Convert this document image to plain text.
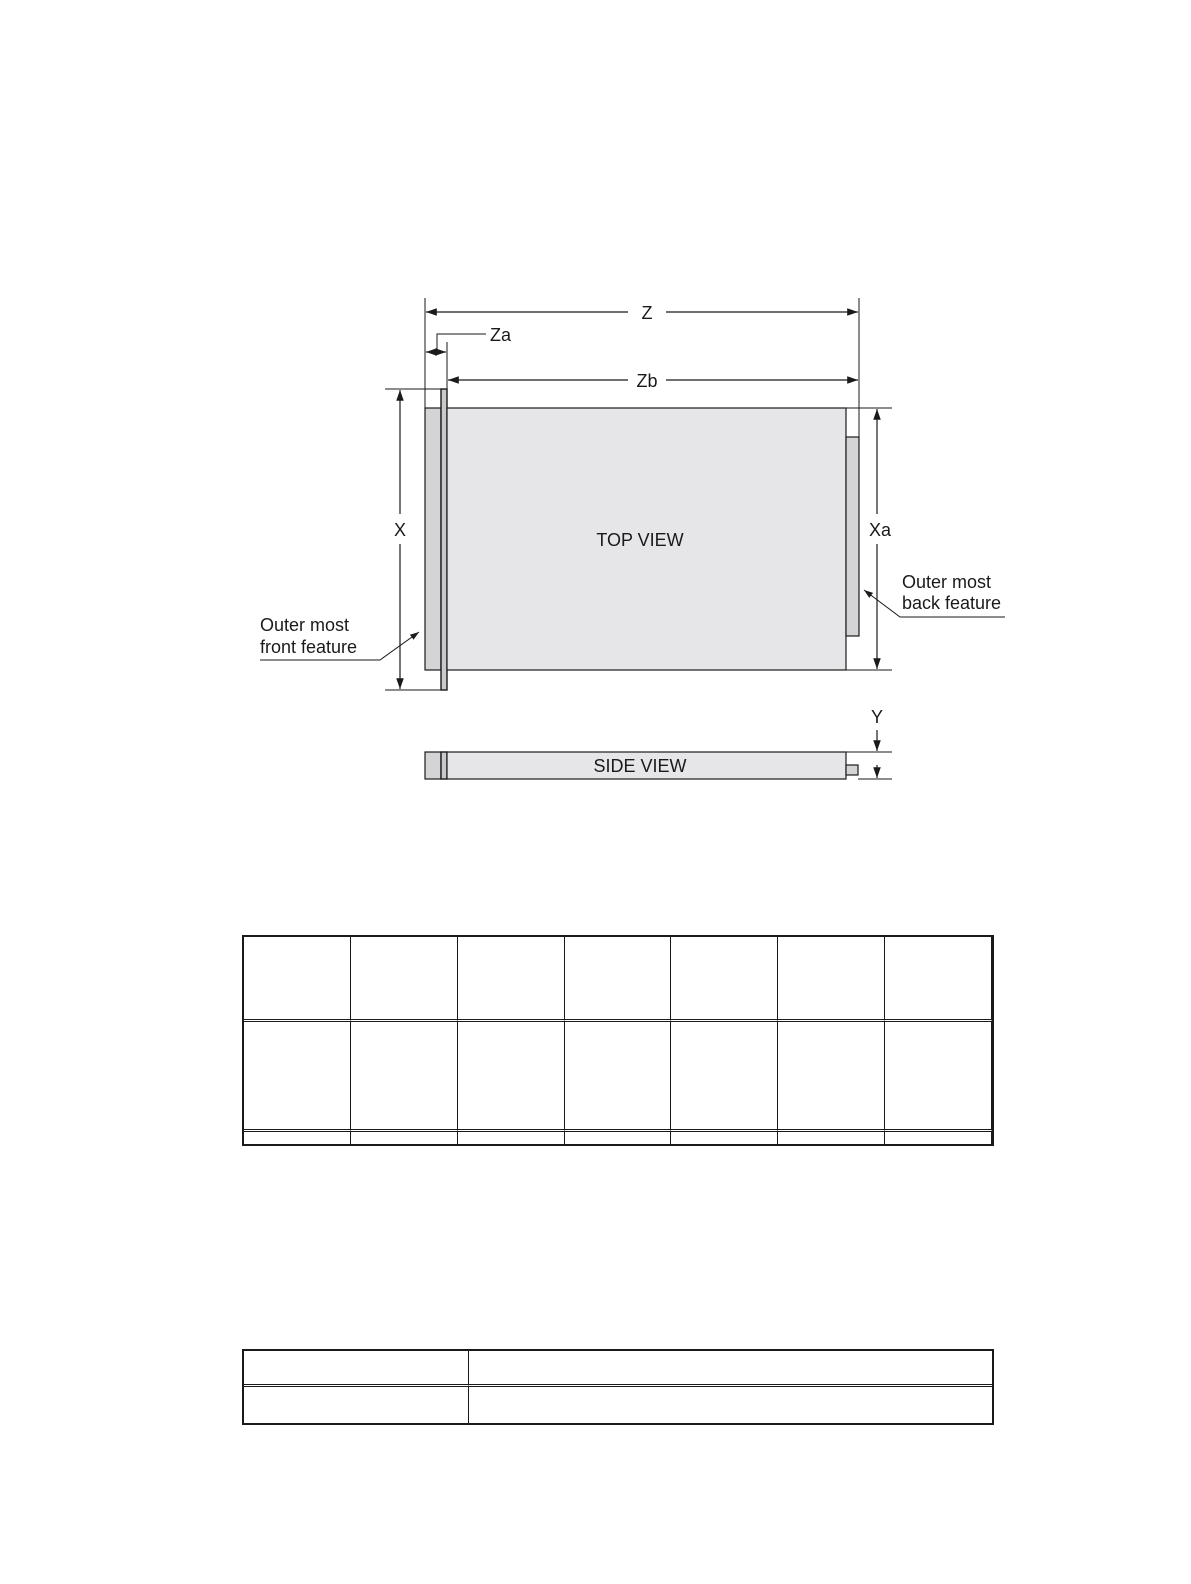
TOP VIEW
Z
Za
Zb
X	Xa
Outer most
front feature
Outer most
back feature
SIDE VIEW
Y
